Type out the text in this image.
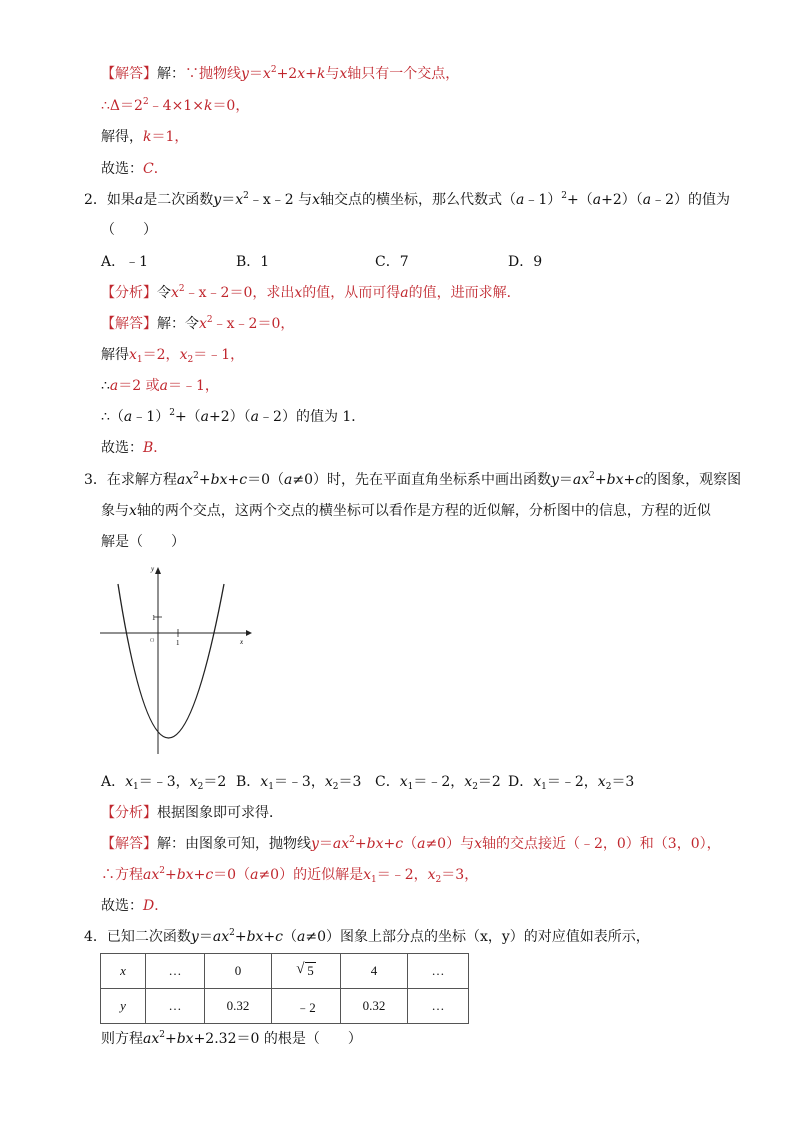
【解答】解：∵抛物线$y=x^2+2x+k$与x轴只有一个交点，
$\therefore\Delta=2^2﹣4\times 1\times k=0$，
解得，k＝1，
故选：C．
2．如果a是二次函数$y=x^2﹣x﹣2$ 与x轴交点的横坐标，那么代数式（a﹣1）$^2$+（a+2）（a﹣2）的值为
（　　）
A．﹣1	B．1	C．7	D．9
【分析】令$x^2﹣x﹣2=0$，求出x的值，从而可得a的值，进而求解．
【解答】解：令$x^2﹣x﹣2=0$，
解得$x_1=2$，$x_2=﹣1$，
∴a＝2 或a＝﹣1，
∴（a﹣1）$^2$+（a+2）（a﹣2）的值为 1．
故选：B．
3．在求解方程$ax^2+bx+c=0(a\ne 0)$时，先在平面直角坐标系中画出函数$y=ax^2+bx+c$的图象，观察图
象与x轴的两个交点，这两个交点的横坐标可以看作是方程的近似解，分析图中的信息，方程的近似
解是（　　）
y
x
1
1
O
A．$x_1=﹣3$，$x_2=2$ B．$x_1=﹣3$，$x_2=3$ C．$x_1=﹣2$，$x_2=2$ D．$x_1=﹣2$，$x_2=3$
【分析】根据图象即可求得．
【解答】解：由图象可知，抛物线$y=ax^2+bx+c(a\ne 0)$与x轴的交点接近（﹣2，0）和（3，0），
∴方程$ax^2+bx+c=0(a\ne 0)$的近似解是$x_1=﹣2$，$x_2=3$，
故选：D．
4．已知二次函数$y=ax^2+bx+c(a\ne 0)$图象上部分点的坐标（x，y）的对应值如表所示，
x	…	0	√ 5	4	…
y	…	0.32	﹣2	0.32	…
则方程$ax^2+bx+2.32=0$ 的根是（　　）
